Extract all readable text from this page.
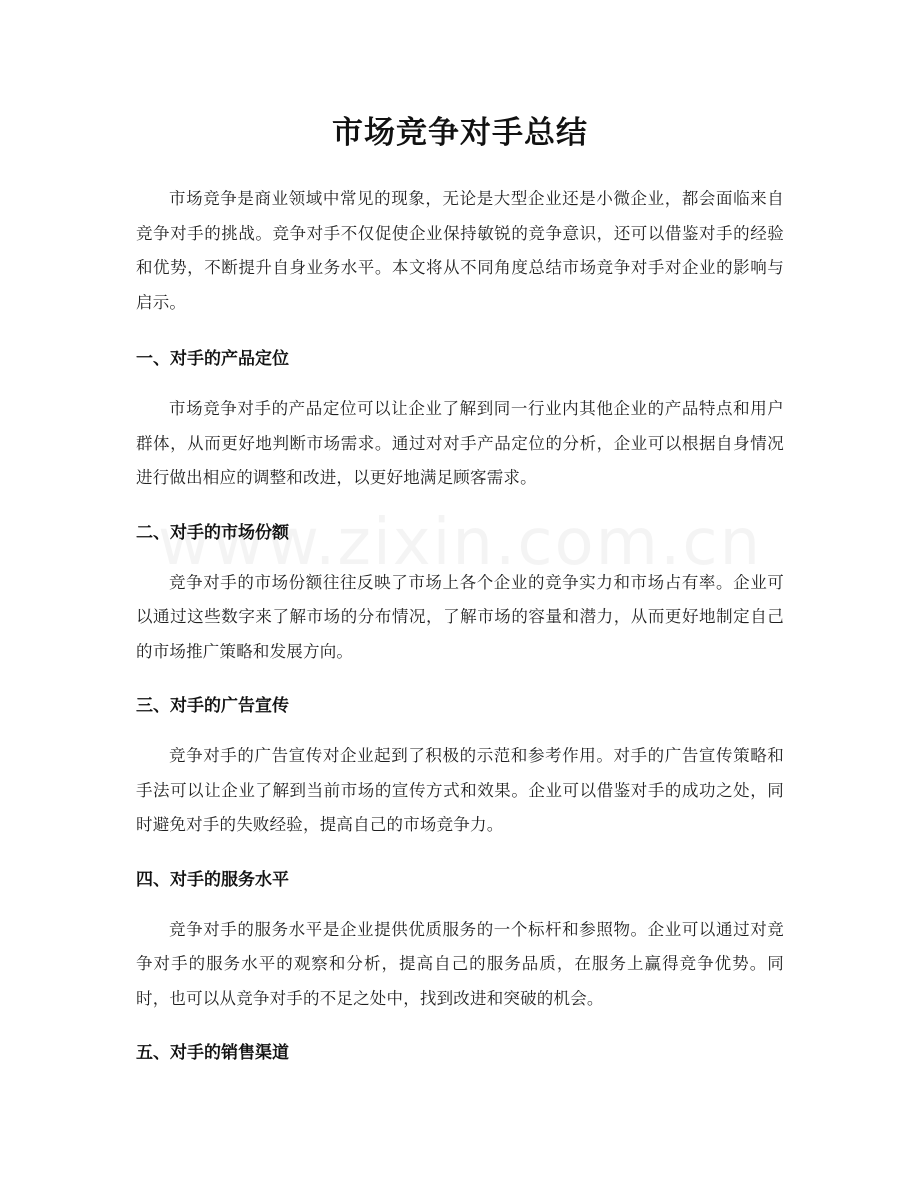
市场竞争对手总结

市场竞争是商业领域中常见的现象，无论是大型企业还是小微企业，都会面临来自竞争对手的挑战。竞争对手不仅促使企业保持敏锐的竞争意识，还可以借鉴对手的经验和优势，不断提升自身业务水平。本文将从不同角度总结市场竞争对手对企业的影响与启示。

一、对手的产品定位

市场竞争对手的产品定位可以让企业了解到同一行业内其他企业的产品特点和用户群体，从而更好地判断市场需求。通过对对手产品定位的分析，企业可以根据自身情况进行做出相应的调整和改进，以更好地满足顾客需求。

二、对手的市场份额

竞争对手的市场份额往往反映了市场上各个企业的竞争实力和市场占有率。企业可以通过这些数字来了解市场的分布情况，了解市场的容量和潜力，从而更好地制定自己的市场推广策略和发展方向。

三、对手的广告宣传

竞争对手的广告宣传对企业起到了积极的示范和参考作用。对手的广告宣传策略和手法可以让企业了解到当前市场的宣传方式和效果。企业可以借鉴对手的成功之处，同时避免对手的失败经验，提高自己的市场竞争力。

四、对手的服务水平

竞争对手的服务水平是企业提供优质服务的一个标杆和参照物。企业可以通过对竞争对手的服务水平的观察和分析，提高自己的服务品质，在服务上赢得竞争优势。同时，也可以从竞争对手的不足之处中，找到改进和突破的机会。

五、对手的销售渠道
